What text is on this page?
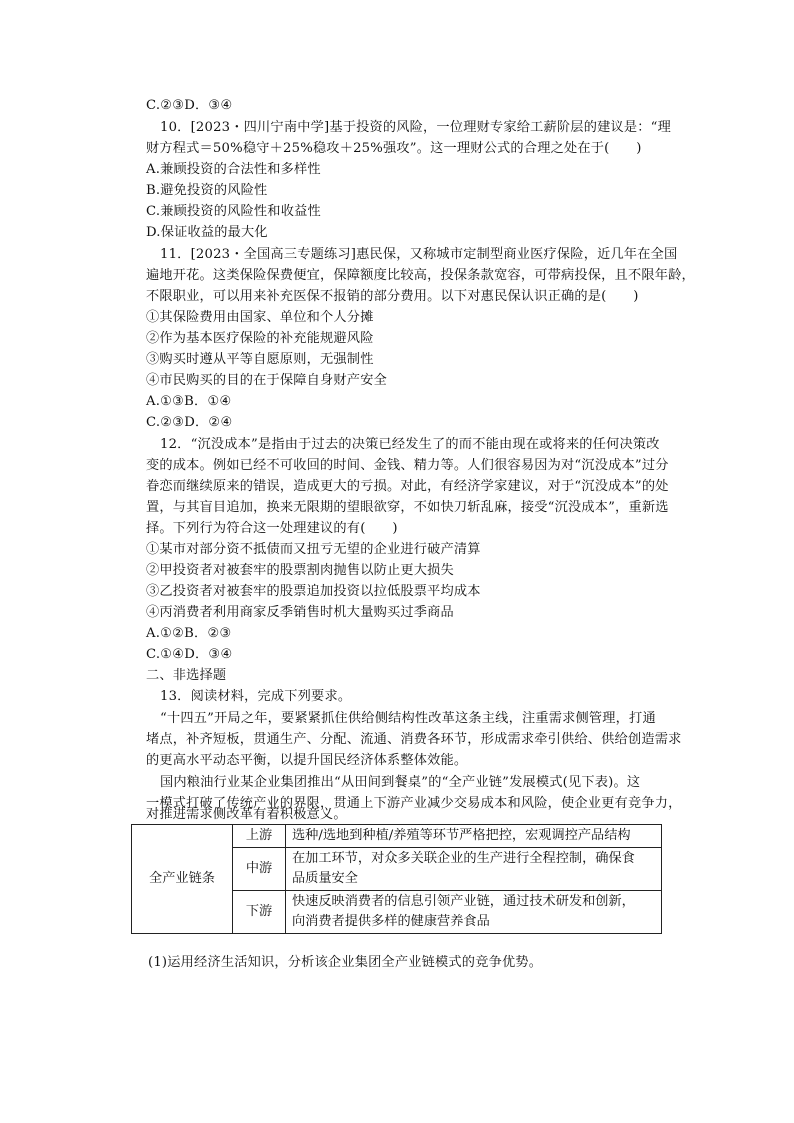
C.②③D．③④
10．[2023・四川宁南中学]基于投资的风险，一位理财专家给工薪阶层的建议是：“理
财方程式＝50%稳守＋25%稳攻＋25%强攻”。这一理财公式的合理之处在于(　　)
A.兼顾投资的合法性和多样性
B.避免投资的风险性
C.兼顾投资的风险性和收益性
D.保证收益的最大化
11．[2023・全国高三专题练习]惠民保，又称城市定制型商业医疗保险，近几年在全国
遍地开花。这类保险保费便宜，保障额度比较高，投保条款宽容，可带病投保，且不限年龄，
不限职业，可以用来补充医保不报销的部分费用。以下对惠民保认识正确的是(　　)
①其保险费用由国家、单位和个人分摊
②作为基本医疗保险的补充能规避风险
③购买时遵从平等自愿原则，无强制性
④市民购买的目的在于保障自身财产安全
A.①③B．①④
C.②③D．②④
12．“沉没成本”是指由于过去的决策已经发生了的而不能由现在或将来的任何决策改
变的成本。例如已经不可收回的时间、金钱、精力等。人们很容易因为对“沉没成本”过分
眷恋而继续原来的错误，造成更大的亏损。对此，有经济学家建议，对于“沉没成本”的处
置，与其盲目追加，换来无限期的望眼欲穿，不如快刀斩乱麻，接受“沉没成本”，重新选
择。下列行为符合这一处理建议的有(　　)
①某市对部分资不抵债而又扭亏无望的企业进行破产清算
②甲投资者对被套牢的股票割肉抛售以防止更大损失
③乙投资者对被套牢的股票追加投资以拉低股票平均成本
④丙消费者利用商家反季销售时机大量购买过季商品
A.①②B．②③
C.①④D．③④
二、非选择题
13．阅读材料，完成下列要求。
“十四五”开局之年，要紧紧抓住供给侧结构性改革这条主线，注重需求侧管理，打通
堵点，补齐短板，贯通生产、分配、流通、消费各环节，形成需求牵引供给、供给创造需求
的更高水平动态平衡，以提升国民经济体系整体效能。
国内粮油行业某企业集团推出“从田间到餐桌”的“全产业链”发展模式(见下表)。这
一模式打破了传统产业的界限，贯通上下游产业减少交易成本和风险，使企业更有竞争力，
对推进需求侧改革有着积极意义。
全产业链条	上游	选种/选地到种植/养殖等环节严格把控，宏观调控产品结构
	中游	在加工环节，对众多关联企业的生产进行全程控制，确保食
品质量安全

	下游	快速反映消费者的信息引领产业链，通过技术研发和创新，
向消费者提供多样的健康营养食品
(1)运用经济生活知识，分析该企业集团全产业链模式的竞争优势。
